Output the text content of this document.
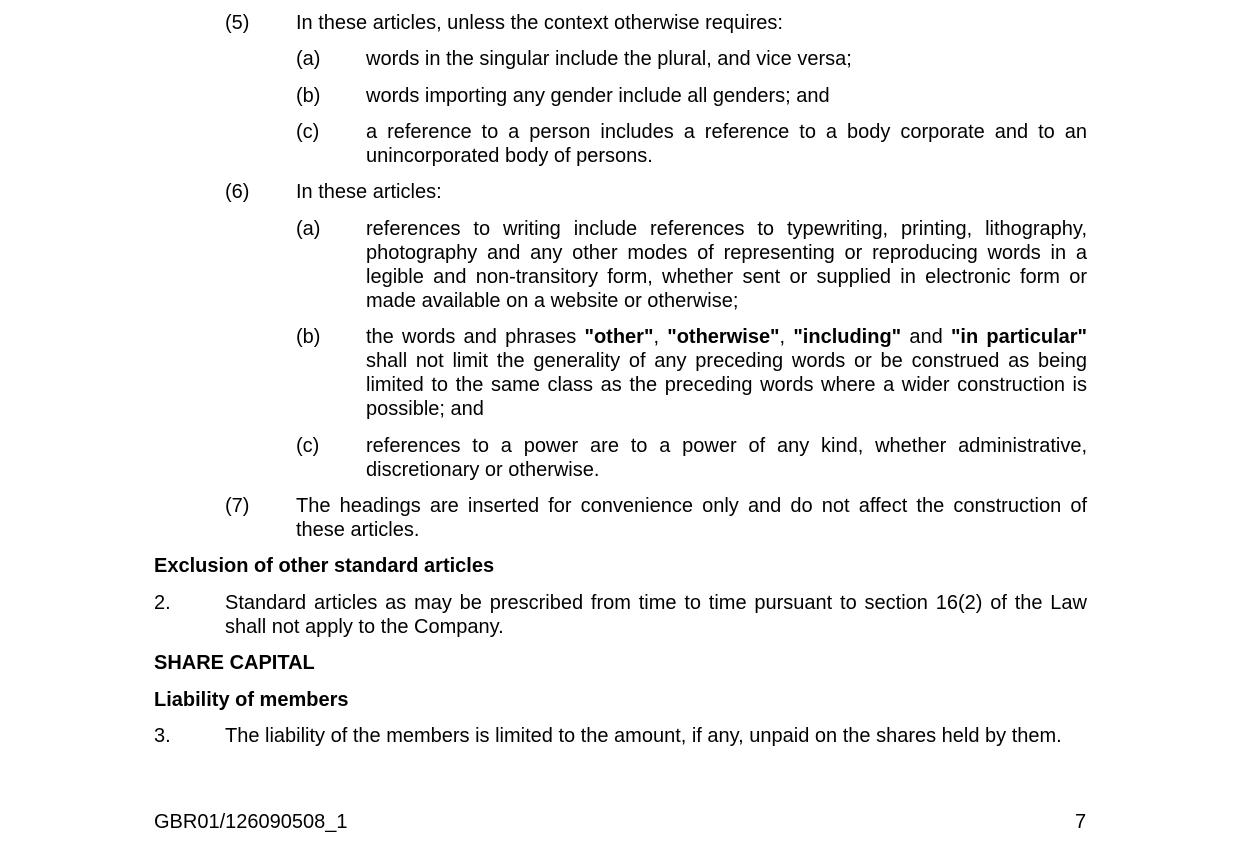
(5) In these articles, unless the context otherwise requires:
(a) words in the singular include the plural, and vice versa;
(b) words importing any gender include all genders; and
(c) a reference to a person includes a reference to a body corporate and to an unincorporated body of persons.
(6) In these articles:
(a) references to writing include references to typewriting, printing, lithography, photography and any other modes of representing or reproducing words in a legible and non-transitory form, whether sent or supplied in electronic form or made available on a website or otherwise;
(b) the words and phrases "other", "otherwise", "including" and "in particular" shall not limit the generality of any preceding words or be construed as being limited to the same class as the preceding words where a wider construction is possible; and
(c) references to a power are to a power of any kind, whether administrative, discretionary or otherwise.
(7) The headings are inserted for convenience only and do not affect the construction of these articles.
Exclusion of other standard articles
2.	Standard articles as may be prescribed from time to time pursuant to section 16(2) of the Law shall not apply to the Company.
SHARE CAPITAL
Liability of members
3.	The liability of the members is limited to the amount, if any, unpaid on the shares held by them.
GBR01/126090508_1	7
